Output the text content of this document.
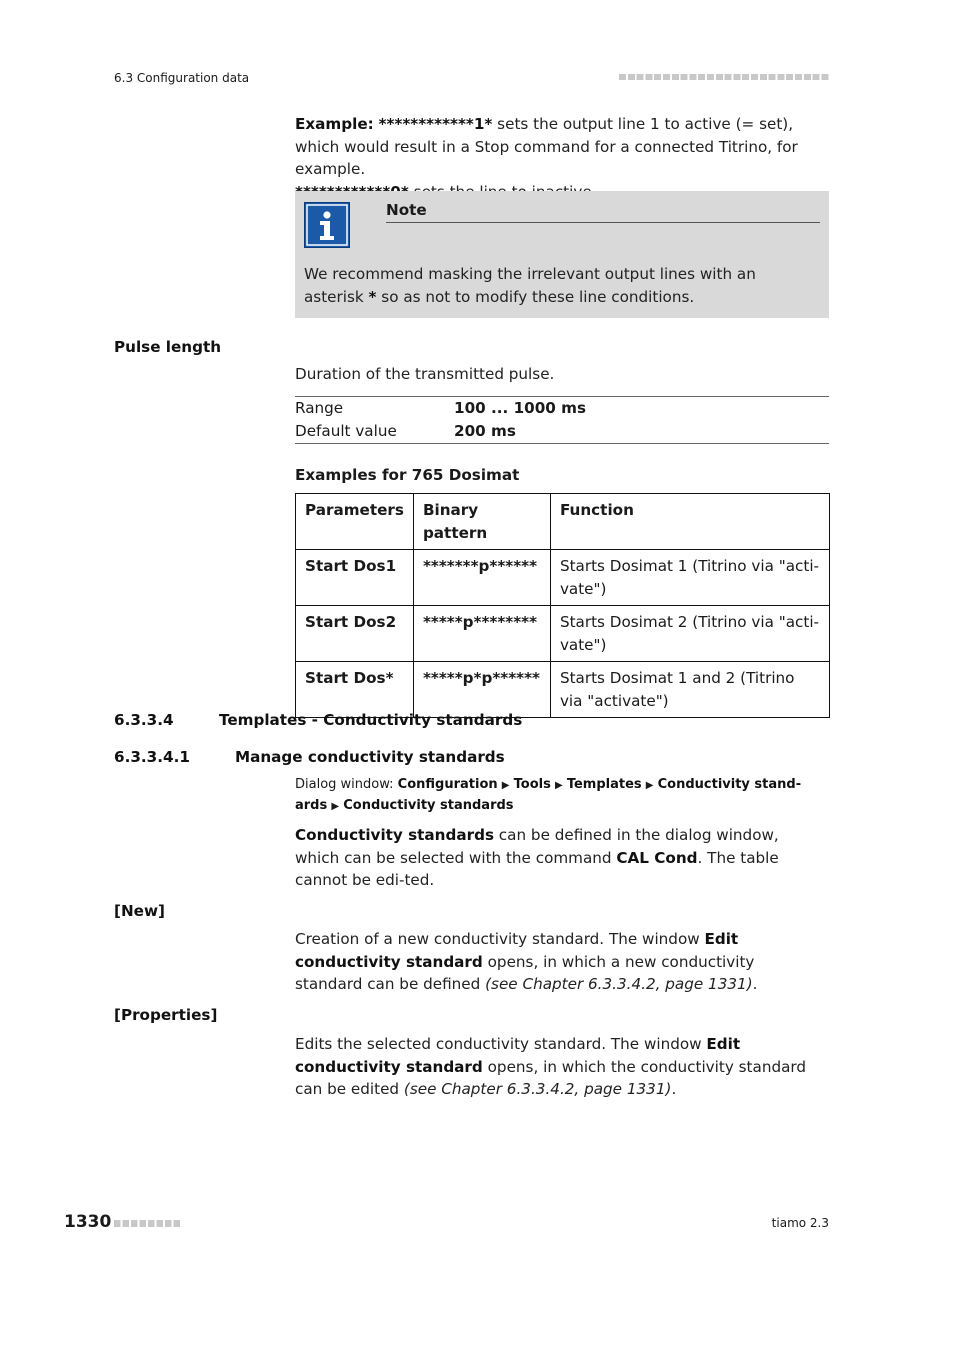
6.3 Configuration data
Example: ************1* sets the output line 1 to active (= set), which would result in a Stop command for a connected Titrino, for example.

Note
We recommend masking the irrelevant output lines with an asterisk * so as not to modify these line conditions.
Pulse length
Duration of the transmitted pulse.
Range	100 ... 1000 ms
Default value	200 ms
Examples for 765 Dosimat
Parameters	Binary pattern	Function
Start Dos1	*******p******	Starts Dosimat 1 (Titrino via "acti-vate")
Start Dos2	*****p********	Starts Dosimat 2 (Titrino via "acti-vate")
Start Dos*	*****p*p******	Starts Dosimat 1 and 2 (Titrino via "activate")
6.3.3.4	Templates - Conductivity standards
6.3.3.4.1	Manage conductivity standards
Dialog window: Configuration ▶ Tools ▶ Templates ▶ Conductivity stand-ards ▶ Conductivity standards
Conductivity standards can be defined in the dialog window, which can be selected with the command CAL Cond. The table cannot be edi-ted.
[New]
Creation of a new conductivity standard. The window Edit conductivity standard opens, in which a new conductivity standard can be defined (see Chapter 6.3.3.4.2, page 1331).
[Properties]
Edits the selected conductivity standard. The window Edit conductivity standard opens, in which the conductivity standard can be edited (see Chapter 6.3.3.4.2, page 1331).
1330	tiamo 2.3
